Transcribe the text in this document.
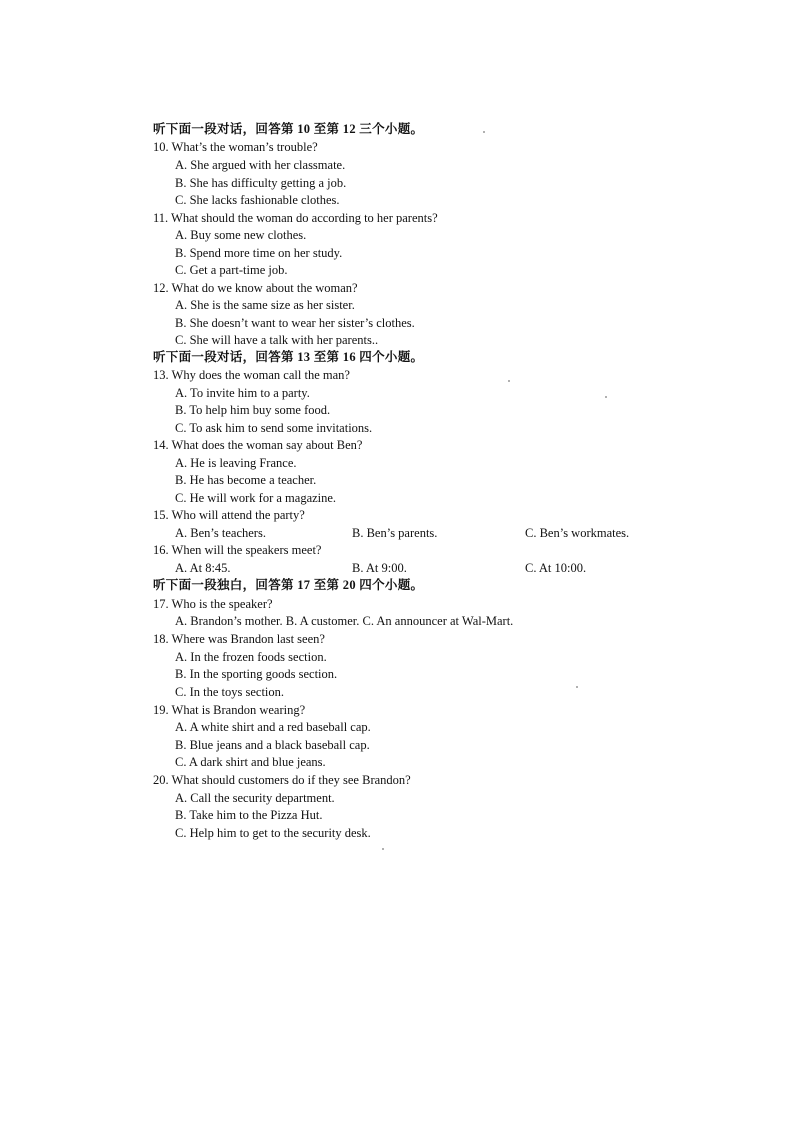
听下面一段对话，回答第 10 至第 12 三个小题。
10. What’s the woman’s trouble?
A. She argued with her classmate.
B. She has difficulty getting a job.
C. She lacks fashionable clothes.
11. What should the woman do according to her parents?
A. Buy some new clothes.
B. Spend more time on her study.
C. Get a part-time job.
12. What do we know about the woman?
A. She is the same size as her sister.
B. She doesn’t want to wear her sister’s clothes.
C. She will have a talk with her parents..
听下面一段对话，回答第 13 至第 16 四个小题。
13. Why does the woman call the man?
A. To invite him to a party.
B. To help him buy some food.
C. To ask him to send some invitations.
14. What does the woman say about Ben?
A. He is leaving France.
B. He has become a teacher.
C. He will work for a magazine.
15. Who will attend the party?
A. Ben’s teachers.	B. Ben’s parents.	C. Ben’s workmates.
16. When will the speakers meet?
A. At 8:45.	B. At 9:00.	C. At 10:00.
听下面一段独白，回答第 17 至第 20 四个小题。
17. Who is the speaker?
A. Brandon’s mother. B. A customer. C. An announcer at Wal-Mart.
18. Where was Brandon last seen?
A. In the frozen foods section.
B. In the sporting goods section.
C. In the toys section.
19. What is Brandon wearing?
A. A white shirt and a red baseball cap.
B. Blue jeans and a black baseball cap.
C. A dark shirt and blue jeans.
20. What should customers do if they see Brandon?
A. Call the security department.
B. Take him to the Pizza Hut.
C. Help him to get to the security desk.
